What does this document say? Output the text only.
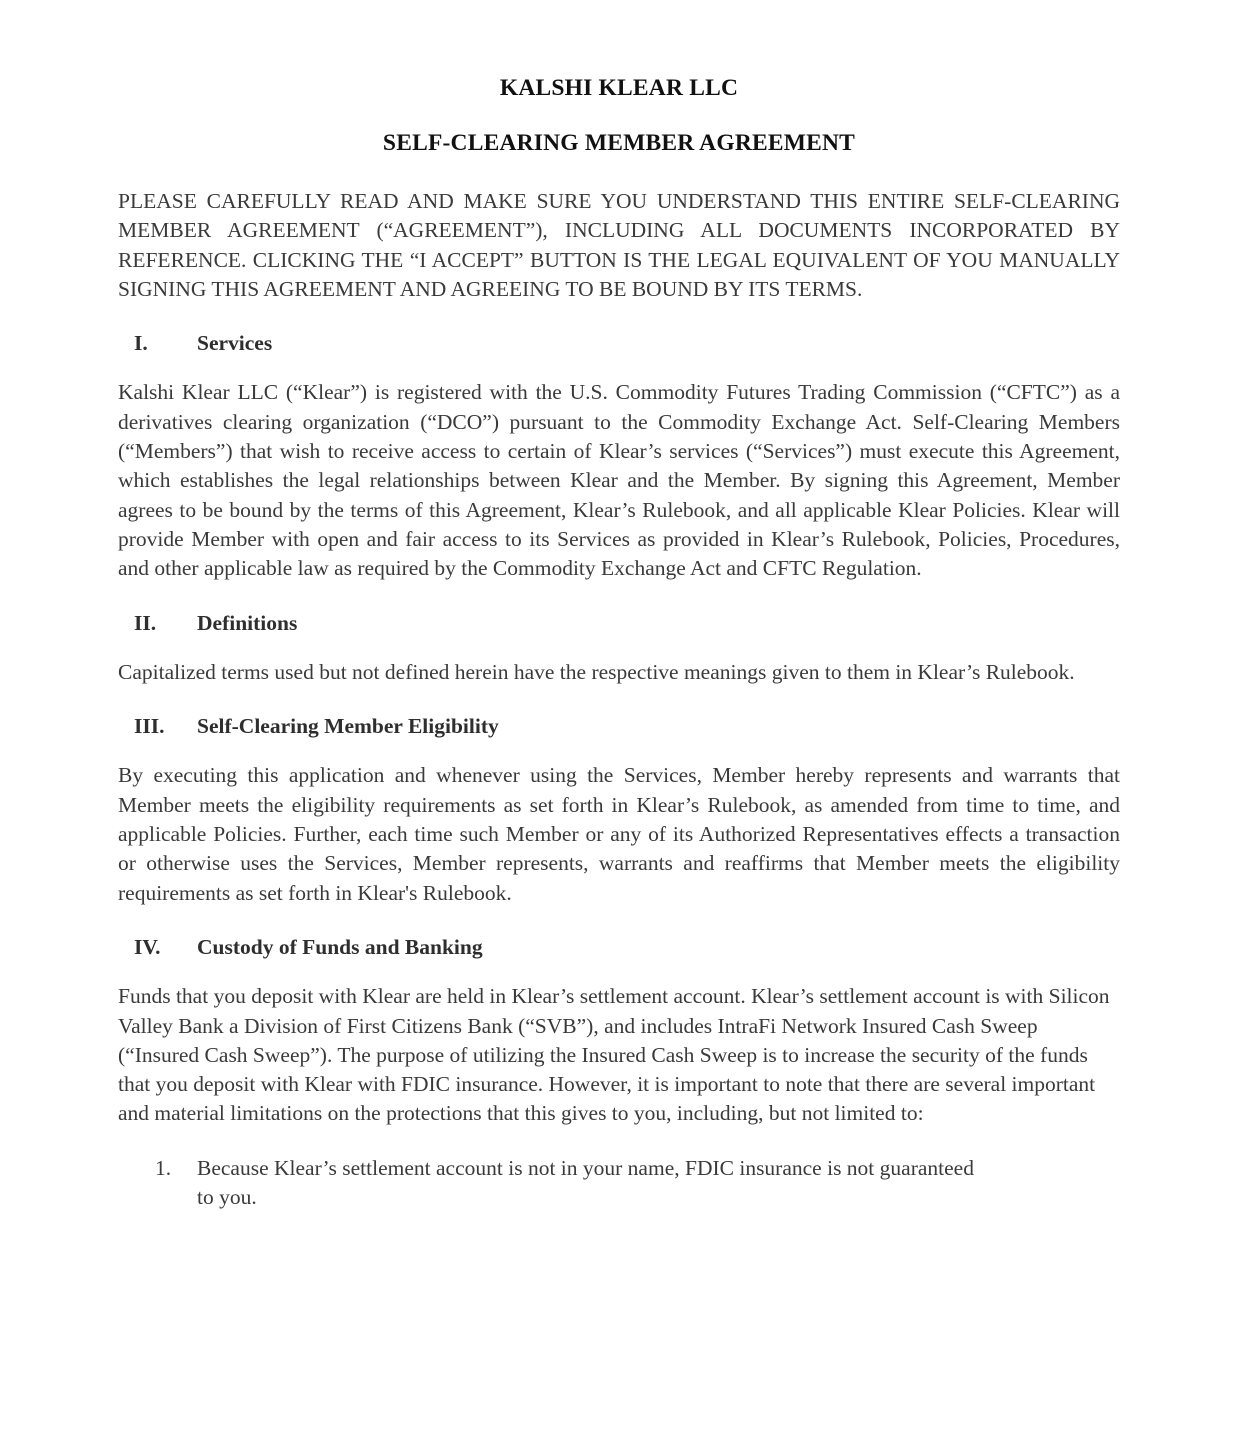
KALSHI KLEAR LLC
SELF-CLEARING MEMBER AGREEMENT

PLEASE CAREFULLY READ AND MAKE SURE YOU UNDERSTAND THIS ENTIRE SELF-CLEARING MEMBER AGREEMENT (“AGREEMENT”), INCLUDING ALL DOCUMENTS INCORPORATED BY REFERENCE. CLICKING THE “I ACCEPT” BUTTON IS THE LEGAL EQUIVALENT OF YOU MANUALLY SIGNING THIS AGREEMENT AND AGREEING TO BE BOUND BY ITS TERMS.

I.	Services

Kalshi Klear LLC (“Klear”) is registered with the U.S. Commodity Futures Trading Commission (“CFTC”) as a derivatives clearing organization (“DCO”) pursuant to the Commodity Exchange Act. Self-Clearing Members (“Members”) that wish to receive access to certain of Klear’s services (“Services”) must execute this Agreement, which establishes the legal relationships between Klear and the Member. By signing this Agreement, Member agrees to be bound by the terms of this Agreement, Klear’s Rulebook, and all applicable Klear Policies. Klear will provide Member with open and fair access to its Services as provided in Klear’s Rulebook, Policies, Procedures, and other applicable law as required by the Commodity Exchange Act and CFTC Regulation.

II.	Definitions

Capitalized terms used but not defined herein have the respective meanings given to them in Klear’s Rulebook.

III.	Self-Clearing Member Eligibility

By executing this application and whenever using the Services, Member hereby represents and warrants that Member meets the eligibility requirements as set forth in Klear’s Rulebook, as amended from time to time, and applicable Policies. Further, each time such Member or any of its Authorized Representatives effects a transaction or otherwise uses the Services, Member represents, warrants and reaffirms that Member meets the eligibility requirements as set forth in Klear's Rulebook.

IV.	Custody of Funds and Banking

Funds that you deposit with Klear are held in Klear’s settlement account. Klear’s settlement account is with Silicon Valley Bank a Division of First Citizens Bank (“SVB”), and includes IntraFi Network Insured Cash Sweep (“Insured Cash Sweep”). The purpose of utilizing the Insured Cash Sweep is to increase the security of the funds that you deposit with Klear with FDIC insurance. However, it is important to note that there are several important and material limitations on the protections that this gives to you, including, but not limited to:

1.	Because Klear’s settlement account is not in your name, FDIC insurance is not guaranteed to you.
